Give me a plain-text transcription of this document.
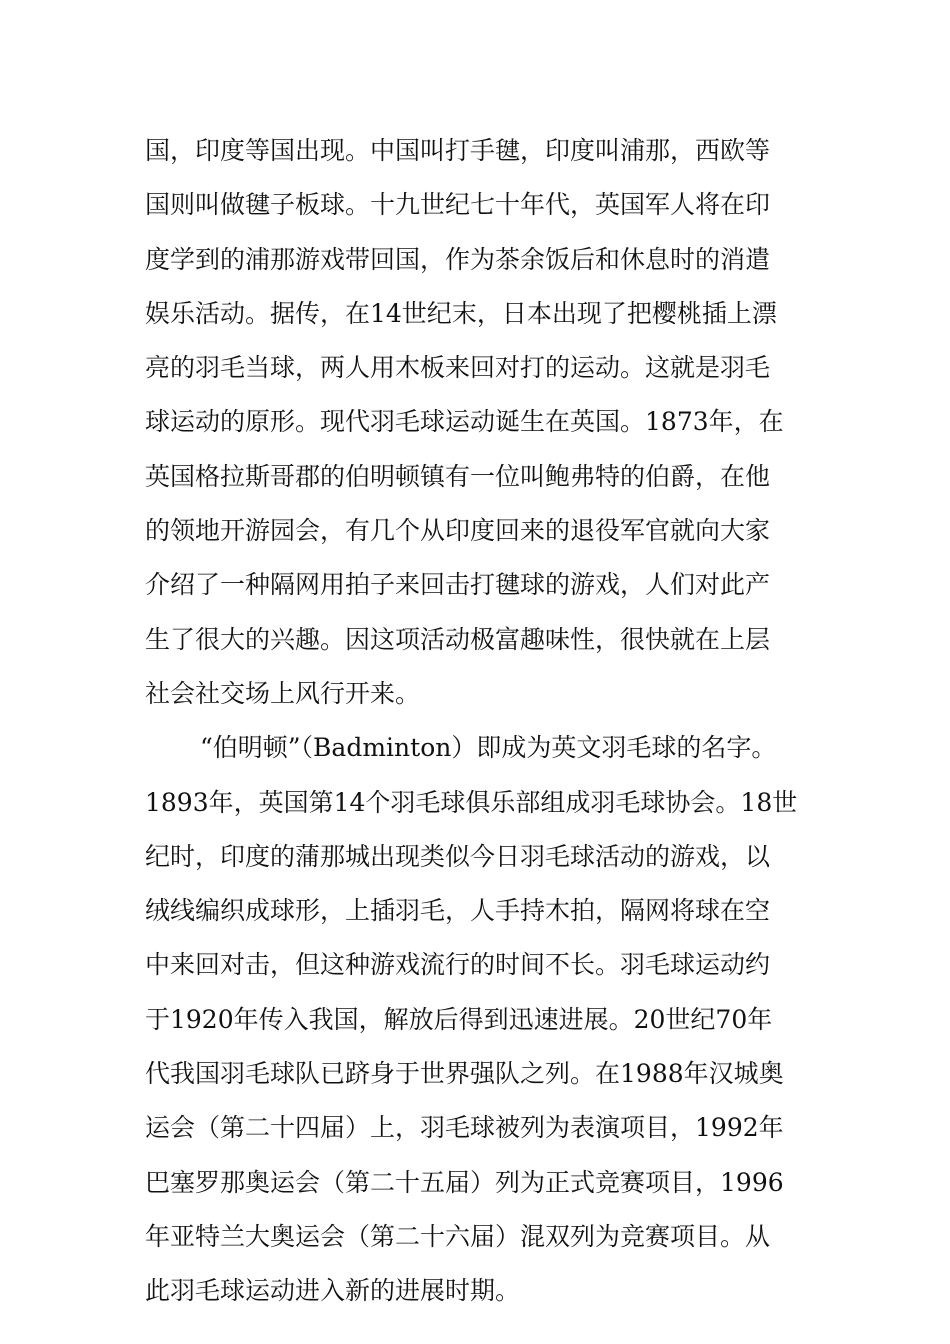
国，印度等国出现。中国叫打手毽，印度叫浦那，西欧等
国则叫做毽子板球。十九世纪七十年代，英国军人将在印
度学到的浦那游戏带回国，作为茶余饭后和休息时的消遣
娱乐活动。据传，在14世纪末，日本出现了把樱桃插上漂
亮的羽毛当球，两人用木板来回对打的运动。这就是羽毛
球运动的原形。现代羽毛球运动诞生在英国。1873年，在
英国格拉斯哥郡的伯明顿镇有一位叫鲍弗特的伯爵，在他
的领地开游园会，有几个从印度回来的退役军官就向大家
介绍了一种隔网用拍子来回击打毽球的游戏，人们对此产
生了很大的兴趣。因这项活动极富趣味性，很快就在上层
社会社交场上风行开来。
“伯明顿”（Badminton）即成为英文羽毛球的名字。
1893年，英国第14个羽毛球俱乐部组成羽毛球协会。18世
纪时，印度的蒲那城出现类似今日羽毛球活动的游戏，以
绒线编织成球形，上插羽毛，人手持木拍，隔网将球在空
中来回对击，但这种游戏流行的时间不长。羽毛球运动约
于1920年传入我国，解放后得到迅速进展。20世纪70年
代我国羽毛球队已跻身于世界强队之列。在1988年汉城奥
运会（第二十四届）上，羽毛球被列为表演项目，1992年
巴塞罗那奥运会（第二十五届）列为正式竞赛项目，1996
年亚特兰大奥运会（第二十六届）混双列为竞赛项目。从
此羽毛球运动进入新的进展时期。
